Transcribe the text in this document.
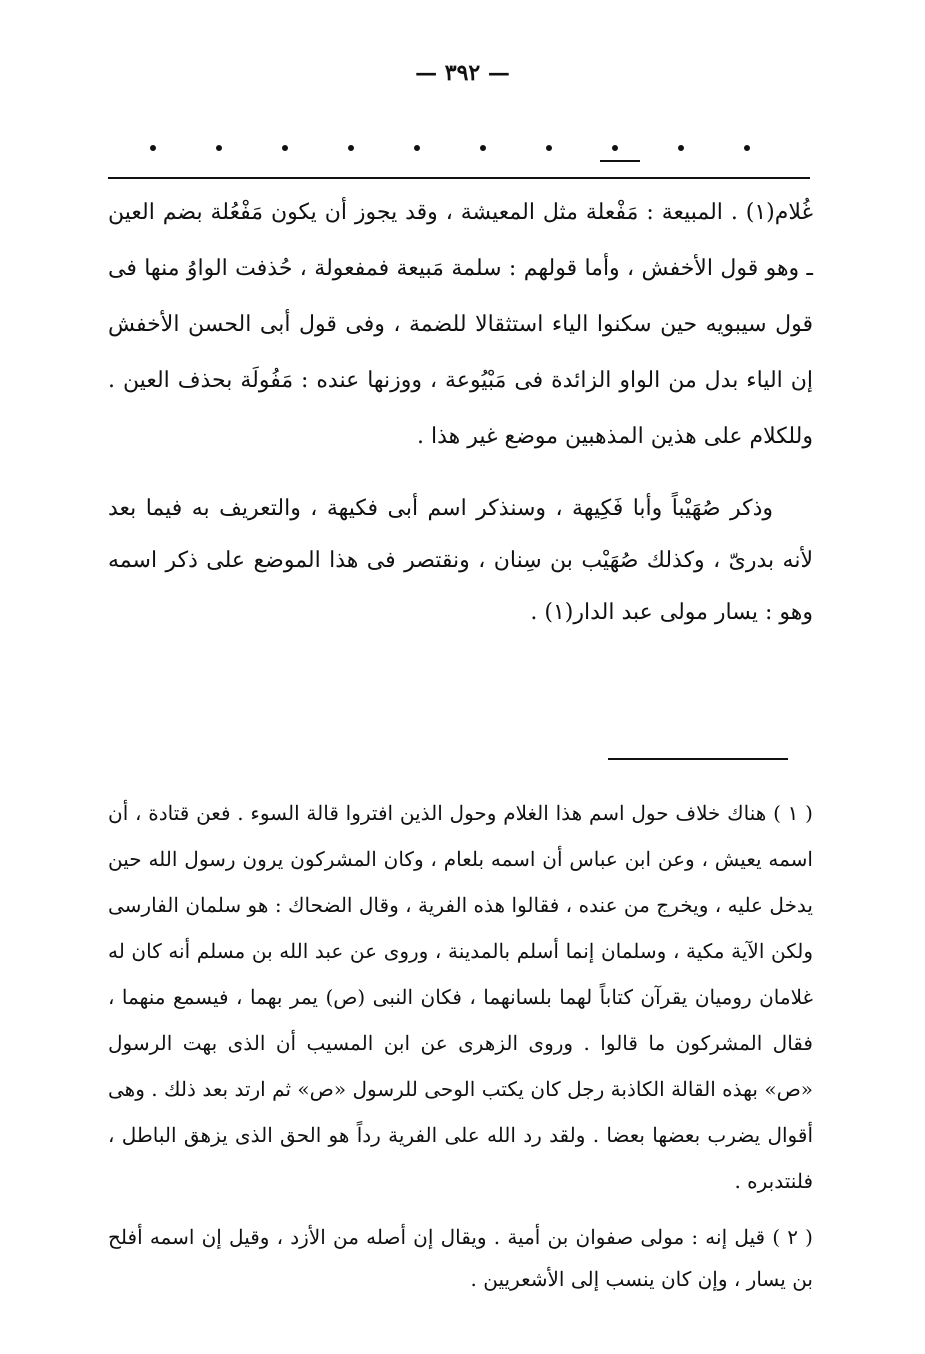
— ٣٩٢ —

غُلام(١) . المبيعة : مَفْعلة مثل المعيشة ، وقد يجوز أن يكون مَفْعُلة بضم العين ـ وهو قول الأخفش ، وأما قولهم : سلمة مَبيعة فمفعولة ، حُذفت الواوُ منها فى قول سيبويه حين سكنوا الياء استثقالا للضمة ، وفى قول أبى الحسن الأخفش إن الياء بدل من الواو الزائدة فى مَبْيُوعة ، ووزنها عنده : مَفُولَة بحذف العين . وللكلام على هذين المذهبين موضع غير هذا .

وذكر صُهَيْباً وأبا فَكِيهة ، وسنذكر اسم أبى فكيهة ، والتعريف به فيما بعد لأنه بدرىّ ، وكذلك صُهَيْب بن سِنان ، ونقتصر فى هذا الموضع على ذكر اسمه وهو : يسار مولى عبد الدار(١) .

( ١ ) هناك خلاف حول اسم هذا الغلام وحول الذين افتروا قالة السوء . فعن قتادة ، أن اسمه يعيش ، وعن ابن عباس أن اسمه بلعام ، وكان المشركون يرون رسول الله حين يدخل عليه ، ويخرج من عنده ، فقالوا هذه الفرية ، وقال الضحاك : هو سلمان الفارسى ولكن الآية مكية ، وسلمان إنما أسلم بالمدينة ، وروى عن عبد الله بن مسلم أنه كان له غلامان روميان يقرآن كتاباً لهما بلسانهما ، فكان النبى (ص) يمر بهما ، فيسمع منهما ، فقال المشركون ما قالوا . وروى الزهرى عن ابن المسيب أن الذى بهت الرسول «ص» بهذه القالة الكاذبة رجل كان يكتب الوحى للرسول «ص» ثم ارتد بعد ذلك . وهى أقوال يضرب بعضها بعضا . ولقد رد الله على الفرية رداً هو الحق الذى يزهق الباطل ، فلنتدبره .

( ٢ ) قيل إنه : مولى صفوان بن أمية . ويقال إن أصله من الأزد ، وقيل إن اسمه أفلح بن يسار ، وإن كان ينسب إلى الأشعريين .
